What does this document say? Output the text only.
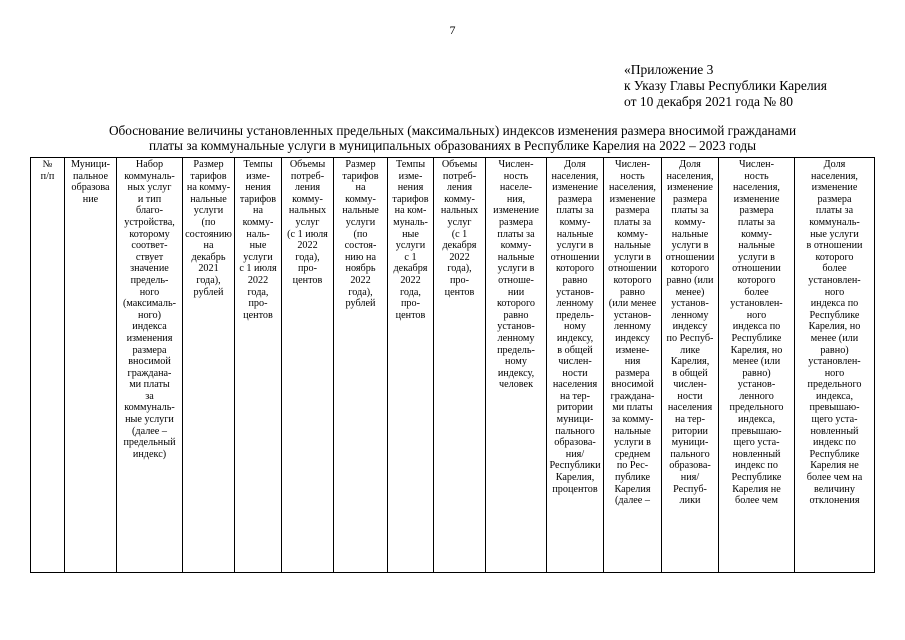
7
«Приложение 3
к Указу Главы Республики Карелия
от 10 декабря 2021 года № 80
Обоснование величины установленных предельных (максимальных) индексов изменения размера вносимой гражданами
платы за коммунальные услуги в муниципальных образованиях в Республике Карелия на 2022 – 2023 годы
№
п/п

Муници-
пальное
образова
ние

Набор
коммуналь-
ных услуг
и тип
благо-
устройства,
которому
соответ-
ствует
значение
предель-
ного
(максималь-
ного)
индекса
изменения
размера
вносимой
граждана-
ми платы
за
коммуналь-
ные услуги
(далее –
предельный
индекс)

Размер
тарифов
на комму-
нальные
услуги
(по
состоянию
на
декабрь
2021
года),
рублей

Темпы
изме-
нения
тарифов
на
комму-
наль-
ные
услуги
с 1 июля
2022
года,
про-
центов

Объемы
потреб-
ления
комму-
нальных
услуг
(с 1 июля
2022
года),
про-
центов

Размер
тарифов
на
комму-
нальные
услуги
(по
состоя-
нию на
ноябрь
2022
года),
рублей

Темпы
изме-
нения
тарифов
на ком-
муналь-
ные
услуги
с 1
декабря
2022
года,
про-
центов

Объемы
потреб-
ления
комму-
нальных
услуг
(с 1
декабря
2022
года),
про-
центов

Числен-
ность
населе-
ния,
изменение
размера
платы за
комму-
нальные
услуги в
отноше-
нии
которого
равно
установ-
ленному
предель-
ному
индексу,
человек

Доля
населения,
изменение
размера
платы за
комму-
нальные
услуги в
отношении
которого
равно
установ-
ленному
предель-
ному
индексу,
в общей
числен-
ности
населения
на тер-
ритории
муници-
пального
образова-
ния/
Республики
Карелия,
процентов

Числен-
ность
населения,
изменение
размера
платы за
комму-
нальные
услуги в
отношении
которого
равно
(или менее
установ-
ленному
индексу
измене-
ния
размера
вносимой
граждана-
ми платы
за комму-
нальные
услуги в
среднем
по Рес-
публике
Карелия
(далее –

Доля
населения,
изменение
размера
платы за
комму-
нальные
услуги в
отношении
которого
равно (или
менее)
установ-
ленному
индексу
по Респуб-
лике
Карелия,
в общей
числен-
ности
населения
на тер-
ритории
муници-
пального
образова-
ния/
Респуб-
лики

Числен-
ность
населения,
изменение
размера
платы за
комму-
нальные
услуги в
отношении
которого
более
установлен-
ного
индекса по
Республике
Карелия, но
менее (или
равно)
установ-
ленного
предельного
индекса,
превышаю-
щего уста-
новленный
индекс по
Республике
Карелия не
более чем

Доля
населения,
изменение
размера
платы за
коммуналь-
ные услуги
в отношении
которого
более
установлен-
ного
индекса по
Республике
Карелия, но
менее (или
равно)
установлен-
ного
предельного
индекса,
превышаю-
щего уста-
новленный
индекс по
Республике
Карелия не
более чем на
величину
отклонения
